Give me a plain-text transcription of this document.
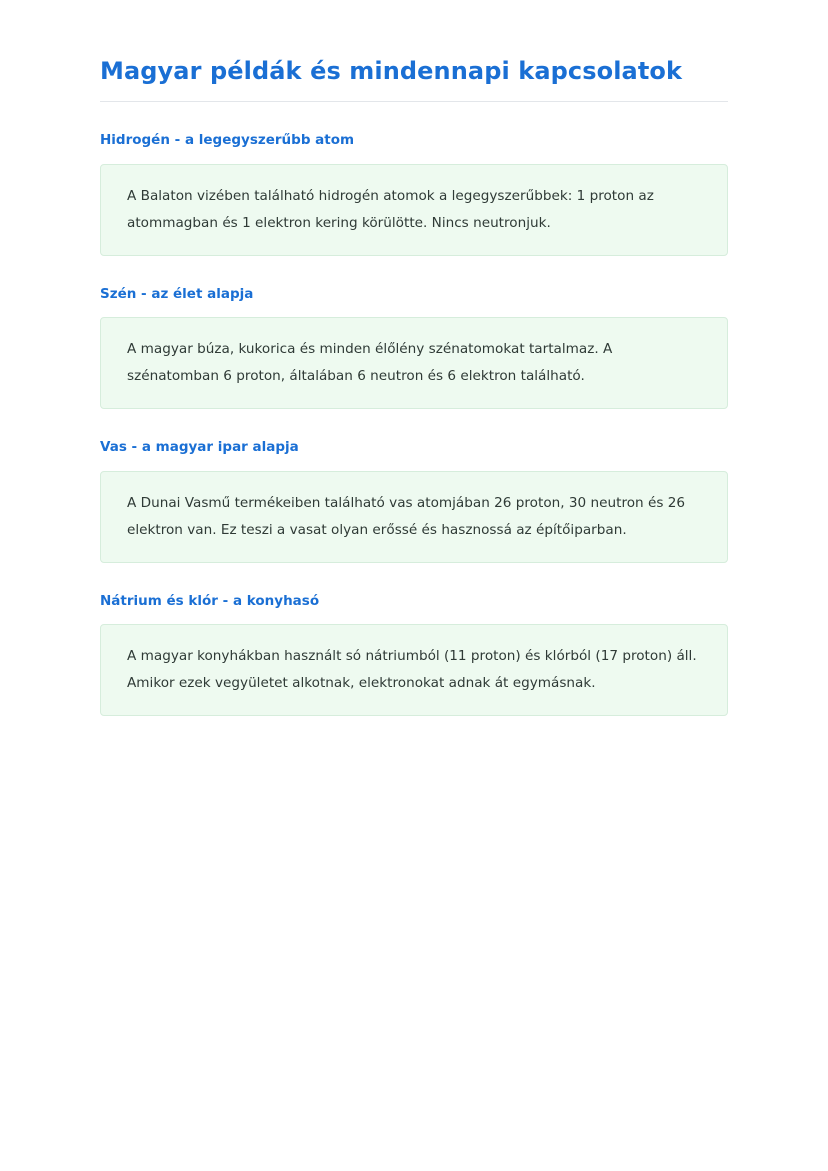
Magyar példák és mindennapi kapcsolatok
Hidrogén - a legegyszerűbb atom

A Balaton vizében található hidrogén atomok a legegyszerűbbek: 1 proton az atommagban és 1 elektron kering körülötte. Nincs neutronjuk.

Szén - az élet alapja

A magyar búza, kukorica és minden élőlény szénatomokat tartalmaz. A szénatomban 6 proton, általában 6 neutron és 6 elektron található.

Vas - a magyar ipar alapja

A Dunai Vasmű termékeiben található vas atomjában 26 proton, 30 neutron és 26 elektron van. Ez teszi a vasat olyan erőssé és hasznossá az építőiparban.

Nátrium és klór - a konyhasó

A magyar konyhákban használt só nátriumból (11 proton) és klórból (17 proton) áll. Amikor ezek vegyületet alkotnak, elektronokat adnak át egymásnak.
